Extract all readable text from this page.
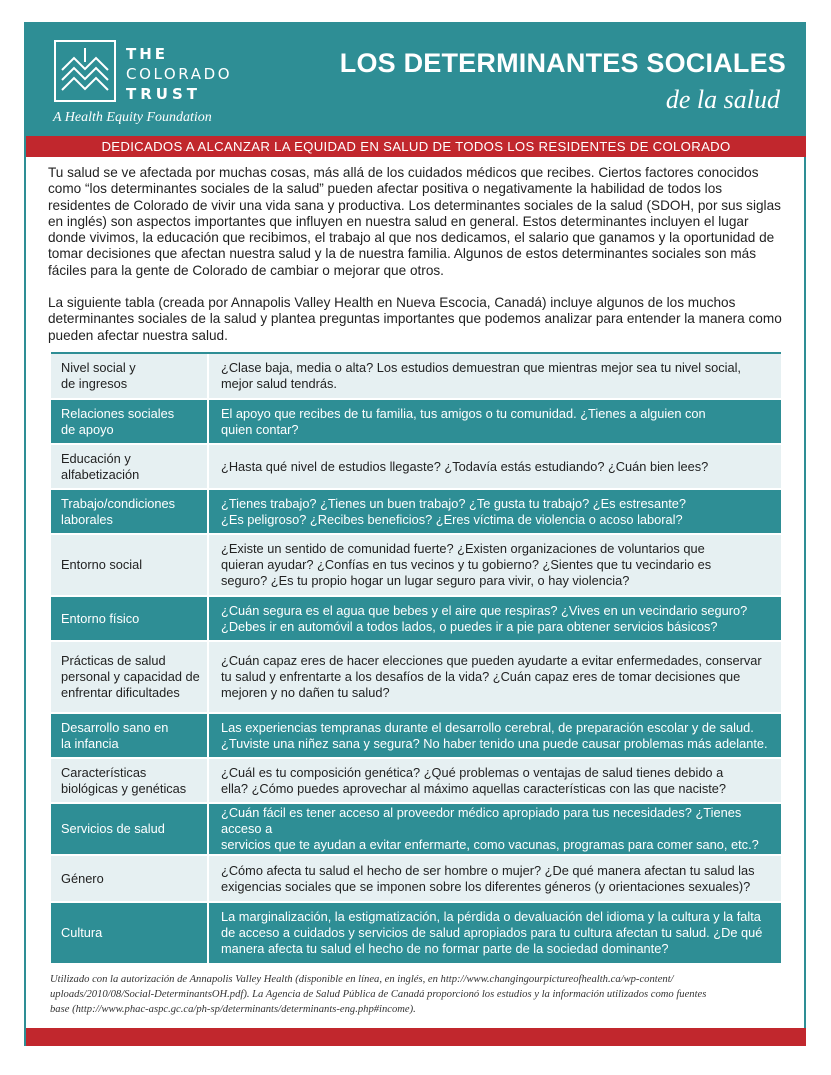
THE
COLORADO
TRUST
A Health Equity Foundation
LOS DETERMINANTES SOCIALES
de la salud
DEDICADOS A ALCANZAR LA EQUIDAD EN SALUD DE TODOS LOS RESIDENTES DE COLORADO

Tu salud se ve afectada por muchas cosas, más allá de los cuidados médicos que recibes. Ciertos factores conocidos como “los determinantes sociales de la salud” pueden afectar positiva o negativamente la habilidad de todos los residentes de Colorado de vivir una vida sana y productiva. Los determinantes sociales de la salud (SDOH, por sus siglas en inglés) son aspectos importantes que influyen en nuestra salud en general. Estos determinantes incluyen el lugar donde vivimos, la educación que recibimos, el trabajo al que nos dedicamos, el salario que ganamos y la oportunidad de tomar decisiones que afectan nuestra salud y la de nuestra familia. Algunos de estos determinantes sociales son más fáciles para la gente de Colorado de cambiar o mejorar que otros.

La siguiente tabla (creada por Annapolis Valley Health en Nueva Escocia, Canadá) incluye algunos de los muchos determinantes sociales de la salud y plantea preguntas importantes que podemos analizar para entender la manera como pueden afectar nuestra salud.

Nivel social y
de ingresos
¿Clase baja, media o alta? Los estudios demuestran que mientras mejor sea tu nivel social,
mejor salud tendrás.
Relaciones sociales
de apoyo
El apoyo que recibes de tu familia, tus amigos o tu comunidad. ¿Tienes a alguien con
quien contar?
Educación y
alfabetización
¿Hasta qué nivel de estudios llegaste? ¿Todavía estás estudiando? ¿Cuán bien lees?
Trabajo/condiciones
laborales
¿Tienes trabajo? ¿Tienes un buen trabajo? ¿Te gusta tu trabajo? ¿Es estresante?
¿Es peligroso? ¿Recibes beneficios? ¿Eres víctima de violencia o acoso laboral?
Entorno social
¿Existe un sentido de comunidad fuerte? ¿Existen organizaciones de voluntarios que
quieran ayudar? ¿Confías en tus vecinos y tu gobierno? ¿Sientes que tu vecindario es
seguro? ¿Es tu propio hogar un lugar seguro para vivir, o hay violencia?
Entorno físico
¿Cuán segura es el agua que bebes y el aire que respiras? ¿Vives en un vecindario seguro?
¿Debes ir en automóvil a todos lados, o puedes ir a pie para obtener servicios básicos?
Prácticas de salud
personal y capacidad de
enfrentar dificultades
¿Cuán capaz eres de hacer elecciones que pueden ayudarte a evitar enfermedades, conservar
tu salud y enfrentarte a los desafíos de la vida? ¿Cuán capaz eres de tomar decisiones que
mejoren y no dañen tu salud?
Desarrollo sano en
la infancia
Las experiencias tempranas durante el desarrollo cerebral, de preparación escolar y de salud.
¿Tuviste una niñez sana y segura? No haber tenido una puede causar problemas más adelante.
Características
biológicas y genéticas
¿Cuál es tu composición genética? ¿Qué problemas o ventajas de salud tienes debido a
ella? ¿Cómo puedes aprovechar al máximo aquellas características con las que naciste?
Servicios de salud
¿Cuán fácil es tener acceso al proveedor médico apropiado para tus necesidades? ¿Tienes acceso a
servicios que te ayudan a evitar enfermarte, como vacunas, programas para comer sano, etc.?
Género
¿Cómo afecta tu salud el hecho de ser hombre o mujer? ¿De qué manera afectan tu salud las
exigencias sociales que se imponen sobre los diferentes géneros (y orientaciones sexuales)?
Cultura
La marginalización, la estigmatización, la pérdida o devaluación del idioma y la cultura y la falta
de acceso a cuidados y servicios de salud apropiados para tu cultura afectan tu salud. ¿De qué
manera afecta tu salud el hecho de no formar parte de la sociedad dominante?
Utilizado con la autorización de Annapolis Valley Health (disponible en línea, en inglés, en http://www.changingourpictureofhealth.ca/wp-content/
uploads/2010/08/Social-DeterminantsOH.pdf). La Agencia de Salud Pública de Canadá proporcionó los estudios y la información utilizados como fuentes
base (http://www.phac-aspc.gc.ca/ph-sp/determinants/determinants-eng.php#income).
